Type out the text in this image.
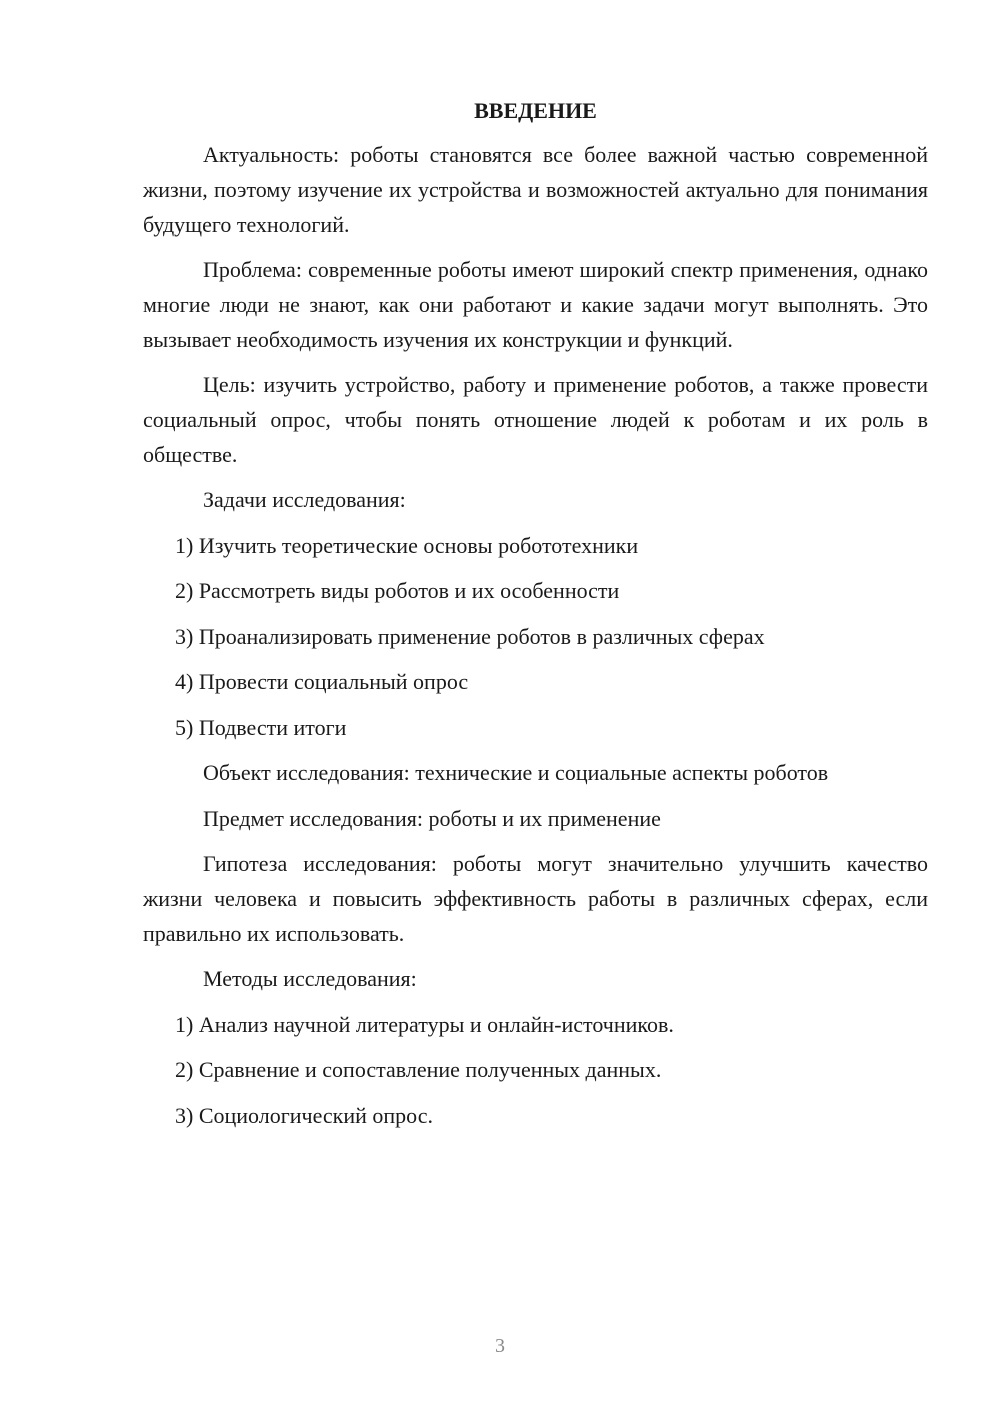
ВВЕДЕНИЕ

Актуальность: роботы становятся все более важной частью современной жизни, поэтому изучение их устройства и возможностей актуально для понимания будущего технологий.

Проблема: современные роботы имеют широкий спектр применения, однако многие люди не знают, как они работают и какие задачи могут выполнять. Это вызывает необходимость изучения их конструкции и функций.

Цель: изучить устройство, работу и применение роботов, а также провести социальный опрос, чтобы понять отношение людей к роботам и их роль в обществе.

Задачи исследования:
1) Изучить теоретические основы робототехники
2) Рассмотреть виды роботов и их особенности
3) Проанализировать применение роботов в различных сферах
4) Провести социальный опрос
5) Подвести итоги
Объект исследования: технические и социальные аспекты роботов
Предмет исследования: роботы и их применение

Гипотеза исследования: роботы могут значительно улучшить качество жизни человека и повысить эффективность работы в различных сферах, если правильно их использовать.

Методы исследования:
1) Анализ научной литературы и онлайн-источников.
2) Сравнение и сопоставление полученных данных.
3) Социологический опрос.
3
